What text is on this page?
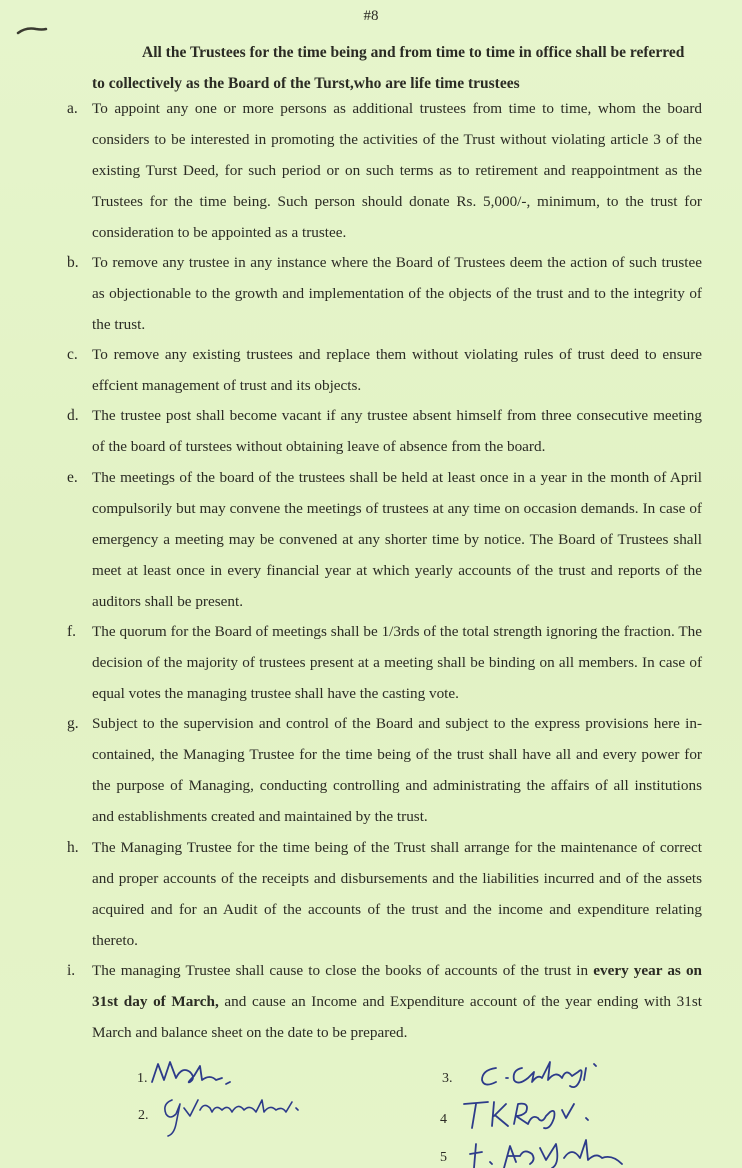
#8
All the Trustees for the time being and from time to time in office shall be referred
to collectively as the Board of the Turst,who are life time trustees
a. To appoint any one or more persons as additional trustees from time to time, whom the board considers to be interested in promoting the activities of the Trust without violating article 3 of the existing Turst Deed, for such period or on such terms as to retirement and reappointment as the Trustees for the time being. Such person should donate Rs. 5,000/-, minimum, to the trust for consideration to be appointed as a trustee.
b. To remove any trustee in any instance where the Board of Trustees deem the action of such trustee as objectionable to the growth and implementation of the objects of the trust and to the integrity of the trust.
c. To remove any existing trustees and replace them without violating rules of trust deed to ensure effcient management of trust and its objects.
d. The trustee post shall become vacant if any trustee absent himself from three consecutive meeting of the board of turstees without obtaining leave of absence from the board.
e. The meetings of the board of the trustees shall be held at least once in a year in the month of April compulsorily but may convene the meetings of trustees at any time on occasion demands. In case of emergency a meeting may be convened at any shorter time by notice. The Board of Trustees shall meet at least once in every financial year at which yearly accounts of the trust and reports of the auditors shall be present.
f. The quorum for the Board of meetings shall be 1/3rds of the total strength ignoring the fraction. The decision of the majority of trustees present at a meeting shall be binding on all members. In case of equal votes the managing trustee shall have the casting vote.
g. Subject to the supervision and control of the Board and subject to the express provisions here in-contained, the Managing Trustee for the time being of the trust shall have all and every power for the purpose of Managing, conducting controlling and administrating the affairs of all institutions and establishments created and maintained by the trust.
h. The Managing Trustee for the time being of the Trust shall arrange for the maintenance of correct and proper accounts of the receipts and disbursements and the liabilities incurred and of the assets acquired and for an Audit of the accounts of the trust and the income and expenditure relating thereto.
i. The managing Trustee shall cause to close the books of accounts of the trust in every year as on 31st day of March, and cause an Income and Expenditure account of the year ending with 31st March and balance sheet on the date to be prepared.
1.
2.
3.
4
5
